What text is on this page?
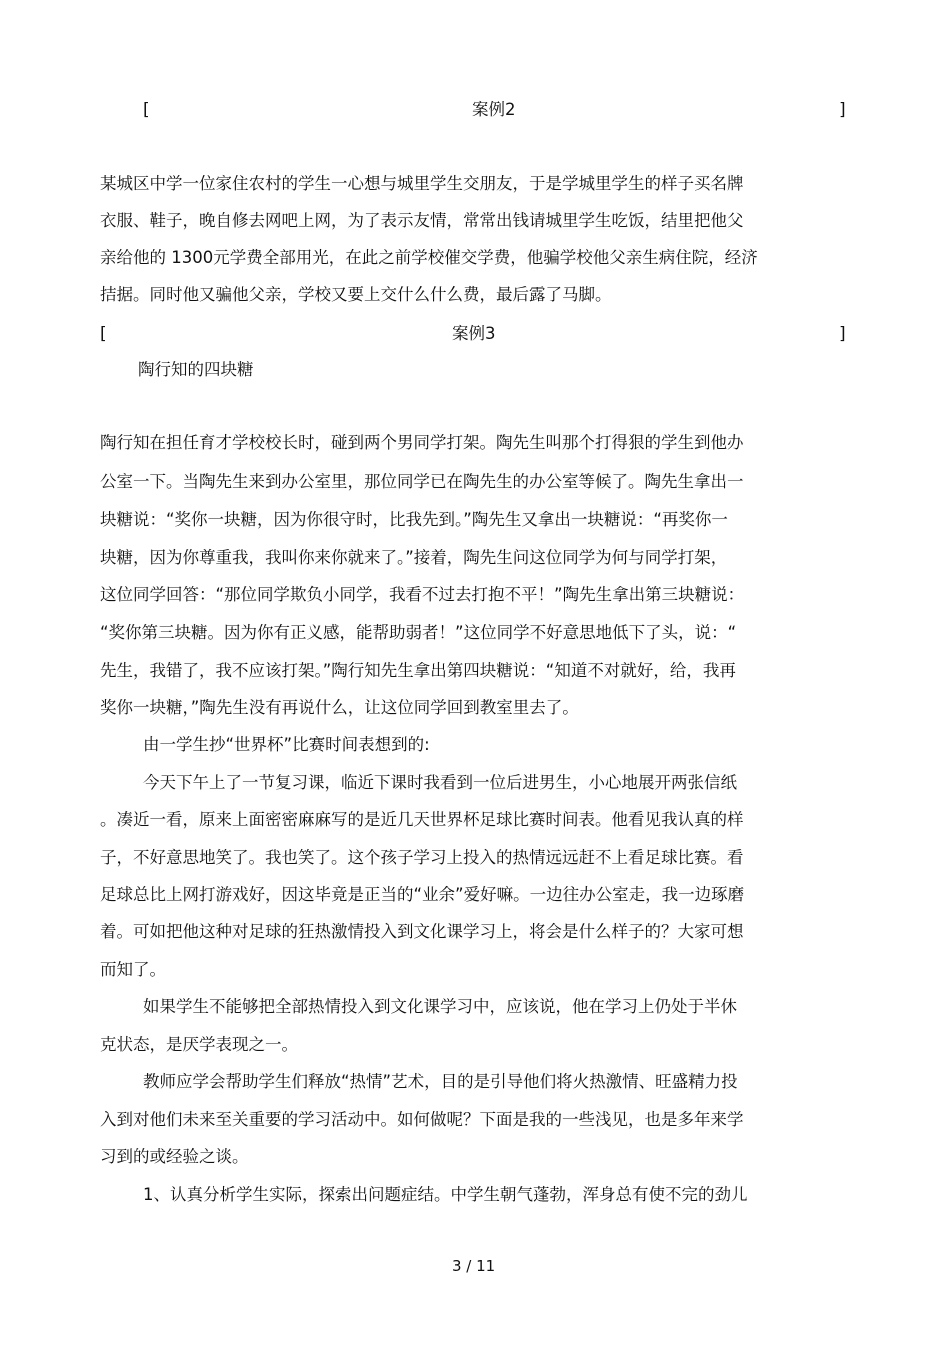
[	案例2	]
某城区中学一位家住农村的学生一心想与城里学生交朋友，于是学城里学生的样子买名牌
衣服、鞋子，晚自修去网吧上网，为了表示友情，常常出钱请城里学生吃饭，结里把他父
亲给他的 1300元学费全部用光，在此之前学校催交学费，他骗学校他父亲生病住院，经济
拮据。同时他又骗他父亲，学校又要上交什么什么费，最后露了马脚。
[	案例3	]
陶行知的四块糖
陶行知在担任育才学校校长时，碰到两个男同学打架。陶先生叫那个打得狠的学生到他办
公室一下。当陶先生来到办公室里，那位同学已在陶先生的办公室等候了。陶先生拿出一
块糖说：“奖你一块糖，因为你很守时，比我先到。”陶先生又拿出一块糖说：“再奖你一
块糖，因为你尊重我，我叫你来你就来了。”接着，陶先生问这位同学为何与同学打架，
这位同学回答：“那位同学欺负小同学，我看不过去打抱不平！”陶先生拿出第三块糖说：
“奖你第三块糖。因为你有正义感，能帮助弱者！”这位同学不好意思地低下了头，说：“
先生，我错了，我不应该打架。”陶行知先生拿出第四块糖说：“知道不对就好，给，我再
奖你一块糖，”陶先生没有再说什么，让这位同学回到教室里去了。
由一学生抄“世界杯”比赛时间表想到的:
今天下午上了一节复习课，临近下课时我看到一位后进男生，小心地展开两张信纸
。凑近一看，原来上面密密麻麻写的是近几天世界杯足球比赛时间表。他看见我认真的样
子，不好意思地笑了。我也笑了。这个孩子学习上投入的热情远远赶不上看足球比赛。看
足球总比上网打游戏好，因这毕竟是正当的“业余”爱好嘛。一边往办公室走，我一边琢磨
着。可如把他这种对足球的狂热激情投入到文化课学习上，将会是什么样子的？大家可想
而知了。
如果学生不能够把全部热情投入到文化课学习中，应该说，他在学习上仍处于半休
克状态，是厌学表现之一。
教师应学会帮助学生们释放“热情”艺术，目的是引导他们将火热激情、旺盛精力投
入到对他们未来至关重要的学习活动中。如何做呢？下面是我的一些浅见，也是多年来学
习到的或经验之谈。
1、认真分析学生实际，探索出问题症结。中学生朝气蓬勃，浑身总有使不完的劲儿
3 / 11
